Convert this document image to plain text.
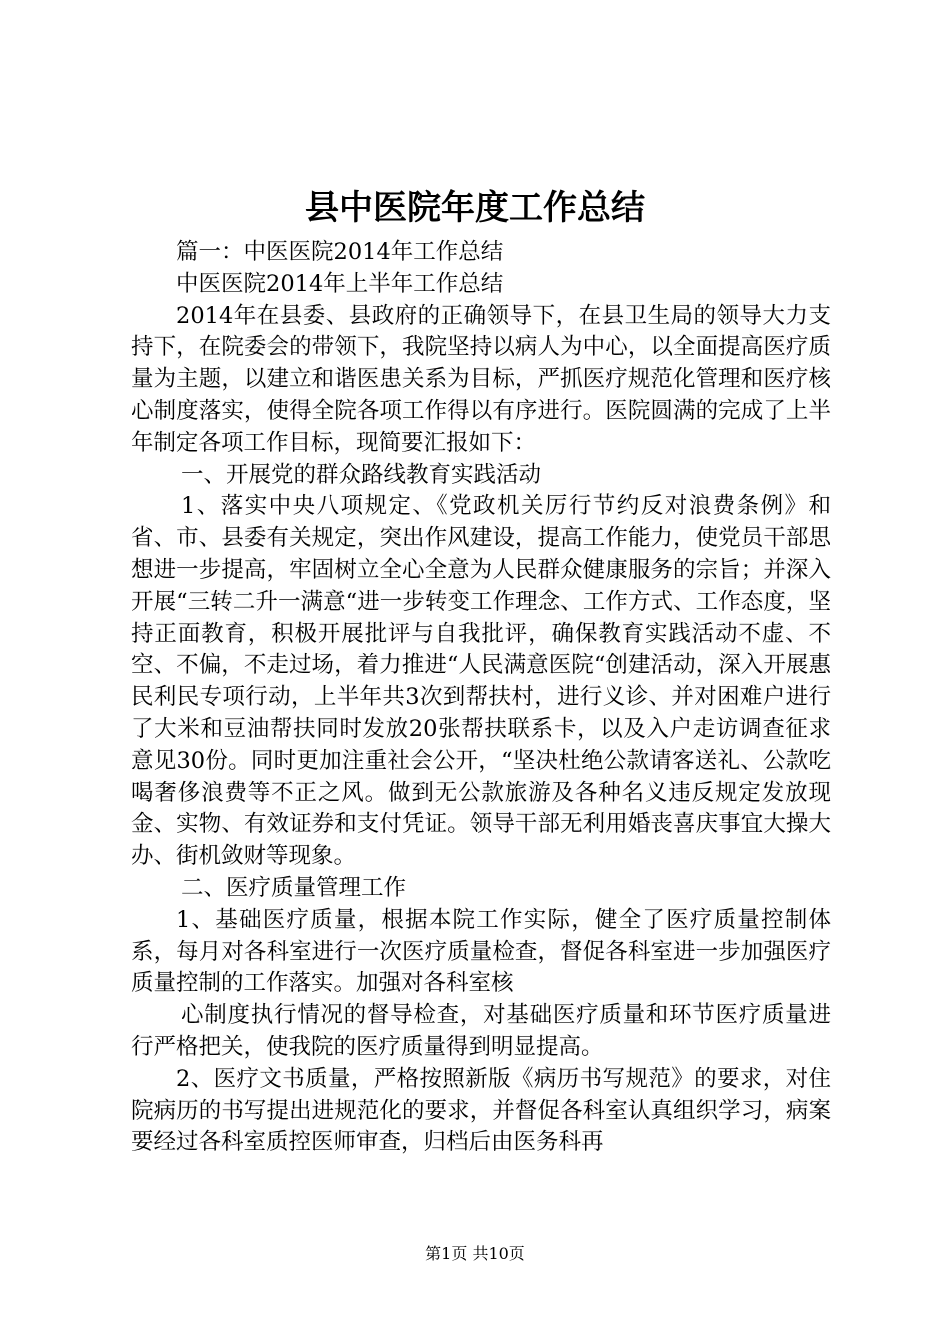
县中医院年度工作总结

篇一：中医医院2014年工作总结

中医医院2014年上半年工作总结

2014年在县委、县政府的正确领导下，在县卫生局的领导大力支持下，在院委会的带领下，我院坚持以病人为中心，以全面提高医疗质量为主题，以建立和谐医患关系为目标，严抓医疗规范化管理和医疗核心制度落实，使得全院各项工作得以有序进行。医院圆满的完成了上半年制定各项工作目标，现简要汇报如下：

一、开展党的群众路线教育实践活动

1、落实中央八项规定、《党政机关厉行节约反对浪费条例》和省、市、县委有关规定，突出作风建设，提高工作能力，使党员干部思想进一步提高，牢固树立全心全意为人民群众健康服务的宗旨；并深入开展“三转二升一满意“进一步转变工作理念、工作方式、工作态度，坚持正面教育，积极开展批评与自我批评，确保教育实践活动不虚、不空、不偏，不走过场，着力推进“人民满意医院“创建活动，深入开展惠民利民专项行动，上半年共3次到帮扶村，进行义诊、并对困难户进行了大米和豆油帮扶同时发放20张帮扶联系卡，以及入户走访调查征求意见30份。同时更加注重社会公开，“坚决杜绝公款请客送礼、公款吃喝奢侈浪费等不正之风。做到无公款旅游及各种名义违反规定发放现金、实物、有效证券和支付凭证。领导干部无利用婚丧喜庆事宜大操大办、街机敛财等现象。

二、医疗质量管理工作

1、基础医疗质量，根据本院工作实际，健全了医疗质量控制体系，每月对各科室进行一次医疗质量检查，督促各科室进一步加强医疗质量控制的工作落实。加强对各科室核

心制度执行情况的督导检查，对基础医疗质量和环节医疗质量进行严格把关，使我院的医疗质量得到明显提高。

2、医疗文书质量，严格按照新版《病历书写规范》的要求，对住院病历的书写提出进规范化的要求，并督促各科室认真组织学习，病案要经过各科室质控医师审查，归档后由医务科再

第1页 共10页
